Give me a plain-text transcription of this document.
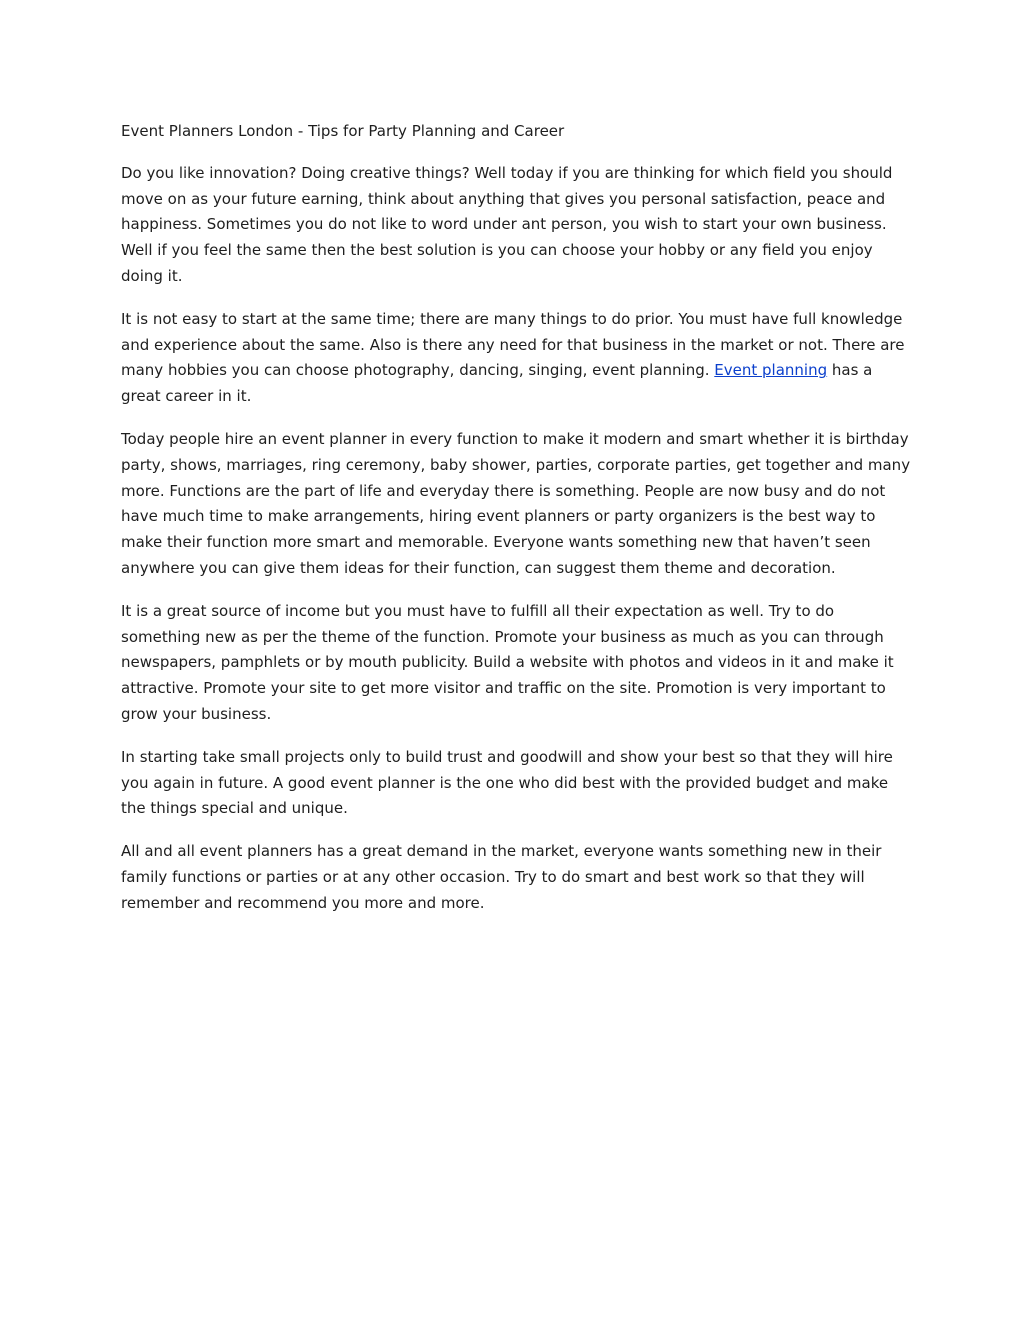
Event Planners London - Tips for Party Planning and Career

Do you like innovation? Doing creative things? Well today if you are thinking for which field you should move on as your future earning, think about anything that gives you personal satisfaction, peace and happiness. Sometimes you do not like to word under ant person, you wish to start your own business. Well if you feel the same then the best solution is you can choose your hobby or any field you enjoy doing it.

It is not easy to start at the same time; there are many things to do prior. You must have full knowledge and experience about the same. Also is there any need for that business in the market or not. There are many hobbies you can choose photography, dancing, singing, event planning. Event planning has a great career in it.

Today people hire an event planner in every function to make it modern and smart whether it is birthday party, shows, marriages, ring ceremony, baby shower, parties, corporate parties, get together and many more. Functions are the part of life and everyday there is something. People are now busy and do not have much time to make arrangements, hiring event planners or party organizers is the best way to make their function more smart and memorable. Everyone wants something new that haven’t seen anywhere you can give them ideas for their function, can suggest them theme and decoration.

It is a great source of income but you must have to fulfill all their expectation as well. Try to do something new as per the theme of the function. Promote your business as much as you can through newspapers, pamphlets or by mouth publicity. Build a website with photos and videos in it and make it attractive. Promote your site to get more visitor and traffic on the site. Promotion is very important to grow your business.

In starting take small projects only to build trust and goodwill and show your best so that they will hire you again in future. A good event planner is the one who did best with the provided budget and make the things special and unique.

All and all event planners has a great demand in the market, everyone wants something new in their family functions or parties or at any other occasion. Try to do smart and best work so that they will remember and recommend you more and more.
